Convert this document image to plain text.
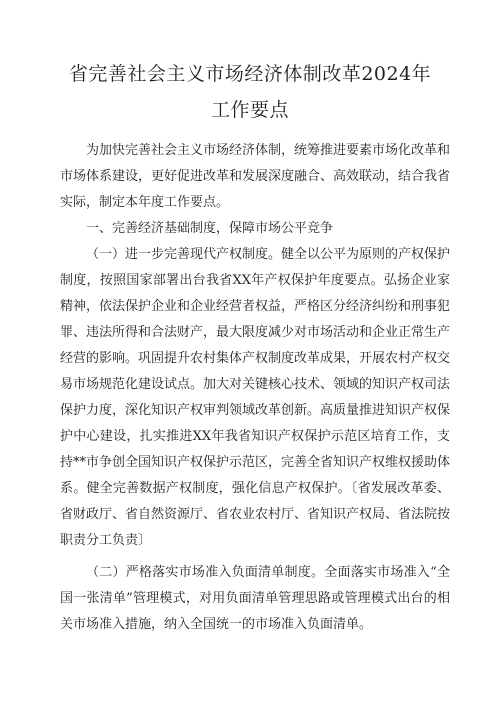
省完善社会主义市场经济体制改革2024年
工作要点

为加快完善社会主义市场经济体制，统筹推进要素市场化改革和市场体系建设，更好促进改革和发展深度融合、高效联动，结合我省实际，制定本年度工作要点。

一、完善经济基础制度，保障市场公平竞争

（一）进一步完善现代产权制度。健全以公平为原则的产权保护制度，按照国家部署出台我省XX年产权保护年度要点。弘扬企业家精神，依法保护企业和企业经营者权益，严格区分经济纠纷和刑事犯罪、违法所得和合法财产，最大限度减少对市场活动和企业正常生产经营的影响。巩固提升农村集体产权制度改革成果，开展农村产权交易市场规范化建设试点。加大对关键核心技术、领域的知识产权司法保护力度，深化知识产权审判领域改革创新。高质量推进知识产权保护中心建设，扎实推进XX年我省知识产权保护示范区培育工作，支持**市争创全国知识产权保护示范区，完善全省知识产权维权援助体系。健全完善数据产权制度，强化信息产权保护。〔省发展改革委、省财政厅、省自然资源厅、省农业农村厅、省知识产权局、省法院按职责分工负责〕

（二）严格落实市场准入负面清单制度。全面落实市场准入“全国一张清单”管理模式，对用负面清单管理思路或管理模式出台的相关市场准入措施，纳入全国统一的市场准入负面清单。
